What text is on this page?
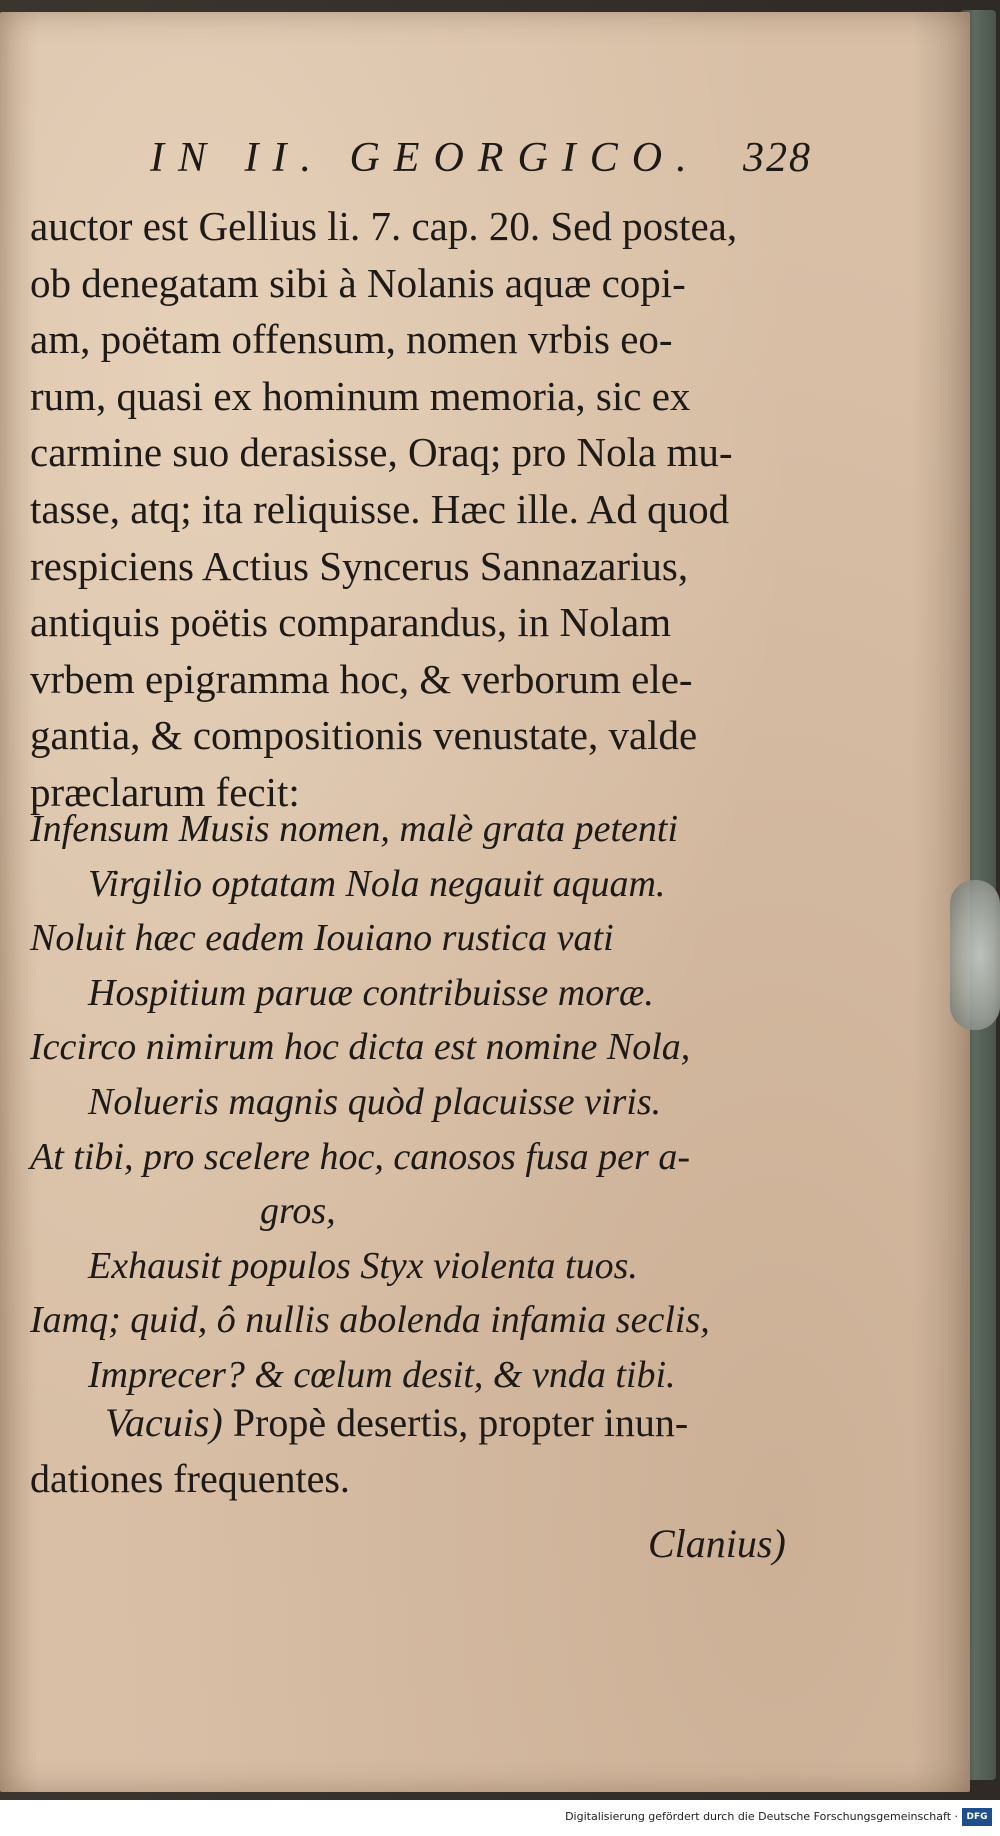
IN II. GEORGICO. 328
auctor est Gellius li. 7. cap. 20. Sed postea,
ob denegatam sibi à Nolanis aquæ copi-
am, poëtam offensum, nomen vrbis eo-
rum, quasi ex hominum memoria, sic ex
carmine suo derasisse, Oraq; pro Nola mu-
tasse, atq; ita reliquisse. Hæc ille. Ad quod
respiciens Actius Syncerus Sannazarius,
antiquis poëtis comparandus, in Nolam
vrbem epigramma hoc, & verborum ele-
gantia, & compositionis venustate, valde
præclarum fecit:
Infensum Musis nomen, malè grata petenti
Virgilio optatam Nola negauit aquam.
Noluit hæc eadem Iouiano rustica vati
Hospitium paruæ contribuisse moræ.
Iccirco nimirum hoc dicta est nomine Nola,
Nolueris magnis quòd placuisse viris.
At tibi, pro scelere hoc, canosos fusa per a-
gros,
Exhausit populos Styx violenta tuos.
Iamq; quid, ô nullis abolenda infamia seclis,
Imprecer? & cœlum desit, & vnda tibi.
Vacuis) Propè desertis, propter inun-
dationes frequentes.
Clanius)
Digitalisierung gefördert durch die Deutsche Forschungsgemeinschaft · DFG
